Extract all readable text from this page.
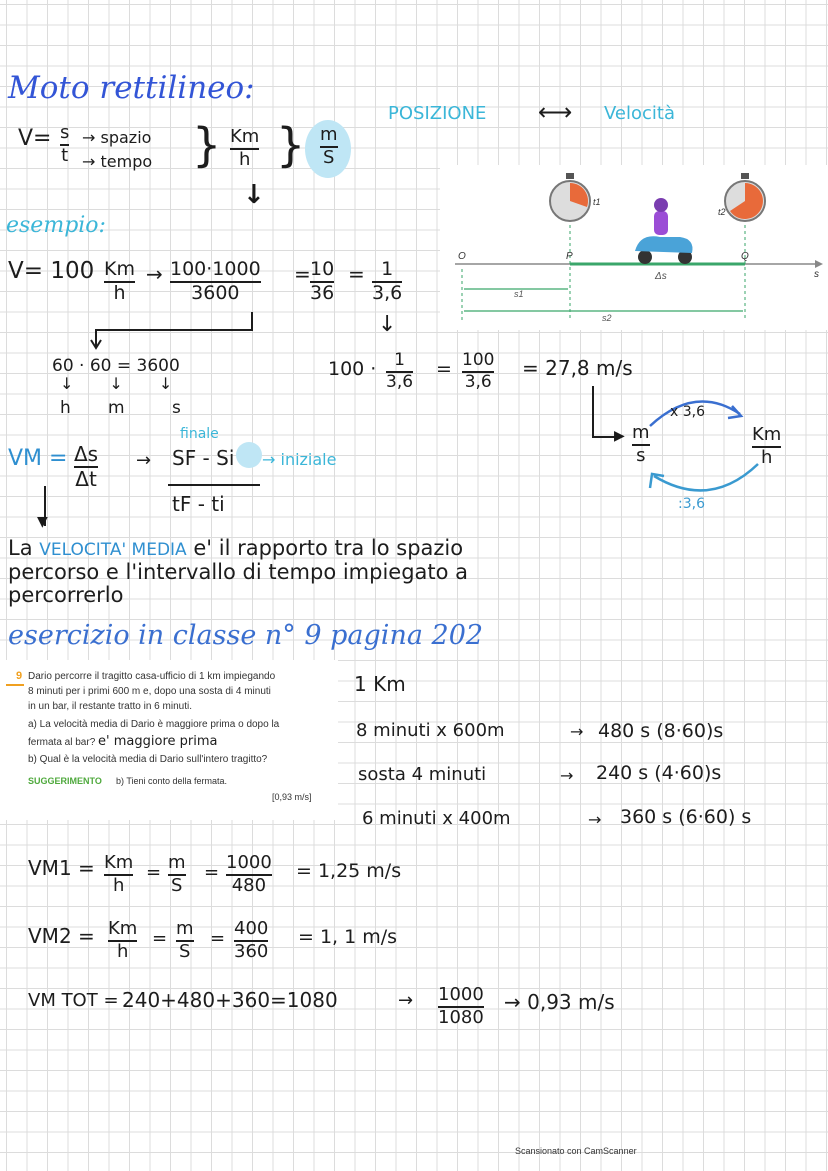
Moto rettilineo:
POSIZIONE ⟷ Velocità
V= s
t
→ spazio
→ tempo } Km
h } m
S
↓
esempio:
V= 100 Km
h
→ 100·1000
3600
= 10
36
= 1
3,6
↓
60 · 60 = 3600
↓↓↓
h m	s
100 · 1
3,6
= 100
3,6
= 27,8 m/s
O	P	Q
s
Δs
s1
s2
t1
t2
▶ m
s
x 3,6
Km
h
:3,6
VM = Δs
Δt
→
finale
SF - Si → iniziale
tF - ti
▼
La VELOCITA' MEDIA e' il rapporto tra lo spazio
percorso e l'intervallo di tempo impiegato a
percorrerlo
esercizio in classe n° 9 pagina 202
9 Dario percorre il tragitto casa-ufficio di 1 km impiegando
8 minuti per i primi 600 m e, dopo una sosta di 4 minuti
in un bar, il restante tratto in 6 minuti.
a) La velocità media di Dario è maggiore prima o dopo la
fermata al bar? e' maggiore prima
b) Qual è la velocità media di Dario sull'intero tragitto?
SUGGERIMENTO b) Tieni conto della fermata.
[0,93 m/s]
1 Km
8 minuti x 600m	→ 480 s (8·60)s
sosta 4 minuti	→ 240 s (4·60)s
6 minuti x 400m	→ 360 s (6·60) s
VM1 = Km
h
= m
S
= 1000
480
= 1,25 m/s
VM2 = Km
h
= m
S
= 400
360
= 1, 1 m/s
VM TOT = 240+480+360=1080	→ 1000
1080
→ 0,93 m/s
Scansionato con CamScanner
